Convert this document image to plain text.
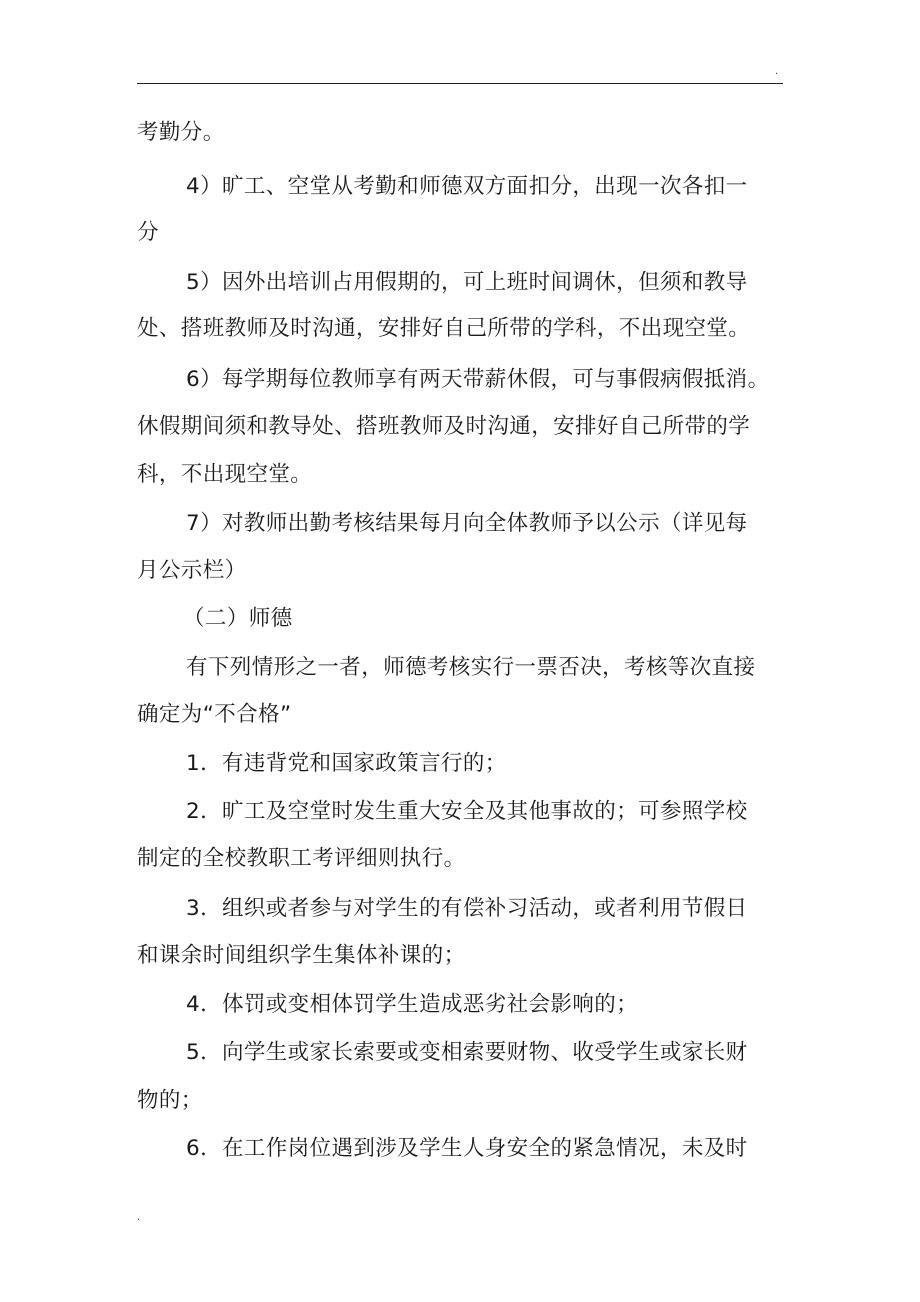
.
考勤分。
4）旷工、空堂从考勤和师德双方面扣分，出现一次各扣一
分
5）因外出培训占用假期的，可上班时间调休，但须和教导
处、搭班教师及时沟通，安排好自己所带的学科，不出现空堂。
6）每学期每位教师享有两天带薪休假，可与事假病假抵消。
休假期间须和教导处、搭班教师及时沟通，安排好自己所带的学
科，不出现空堂。
7）对教师出勤考核结果每月向全体教师予以公示（详见每
月公示栏）
（二）师德
有下列情形之一者，师德考核实行一票否决，考核等次直接
确定为“不合格”
1．有违背党和国家政策言行的；
2．旷工及空堂时发生重大安全及其他事故的；可参照学校
制定的全校教职工考评细则执行。
3．组织或者参与对学生的有偿补习活动，或者利用节假日
和课余时间组织学生集体补课的；
4．体罚或变相体罚学生造成恶劣社会影响的；
5．向学生或家长索要或变相索要财物、收受学生或家长财
物的；
6．在工作岗位遇到涉及学生人身安全的紧急情况，未及时
.
